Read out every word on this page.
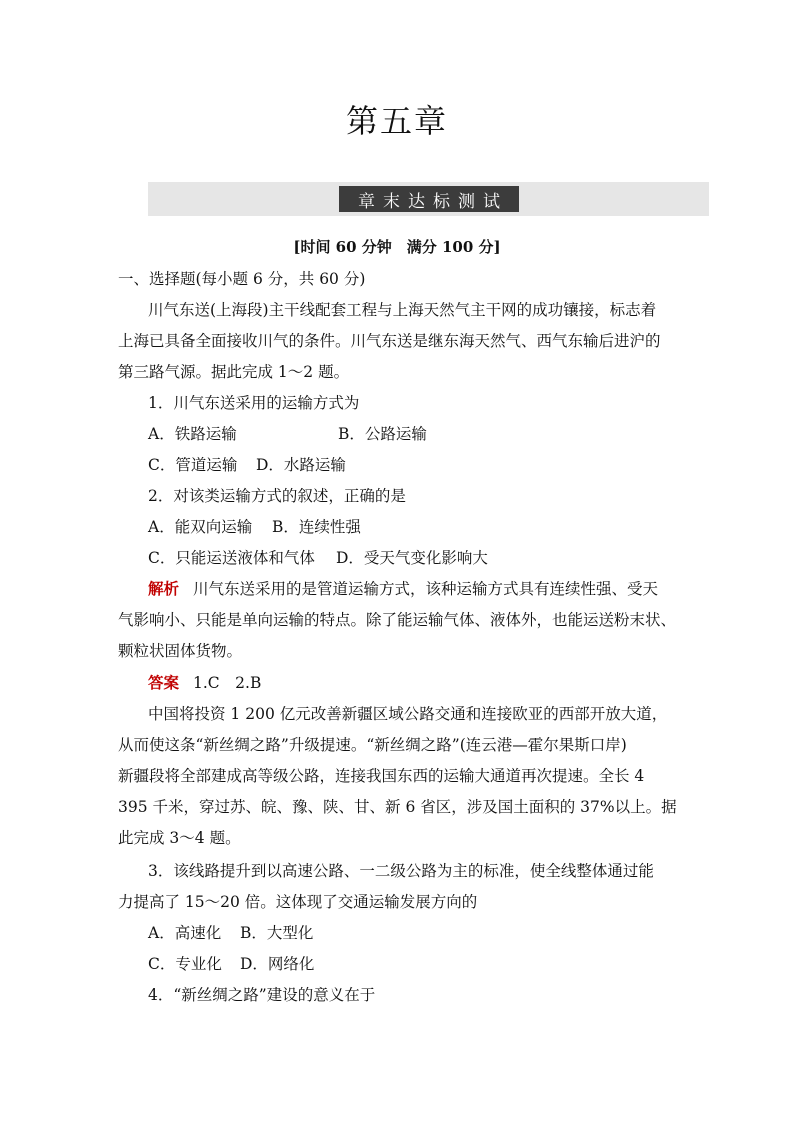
第五章
章末达标测试
[时间 60 分钟　满分 100 分]
一、选择题(每小题 6 分，共 60 分)
川气东送(上海段)主干线配套工程与上海天然气主干网的成功镶接，标志着
上海已具备全面接收川气的条件。川气东送是继东海天然气、西气东输后进沪的
第三路气源。据此完成 1～2 题。
1．川气东送采用的运输方式为
A．铁路运输	B．公路运输
C．管道运输 D．水路运输
2．对该类运输方式的叙述，正确的是
A．能双向运输 B．连续性强
C．只能运送液体和气体 D．受天气变化影响大
解析 川气东送采用的是管道运输方式，该种运输方式具有连续性强、受天
气影响小、只能是单向运输的特点。除了能运输气体、液体外，也能运送粉末状、
颗粒状固体货物。
答案 1.C　2.B
中国将投资 1 200 亿元改善新疆区域公路交通和连接欧亚的西部开放大道，
从而使这条“新丝绸之路”升级提速。“新丝绸之路”(连云港—霍尔果斯口岸)
新疆段将全部建成高等级公路，连接我国东西的运输大通道再次提速。全长 4
395 千米，穿过苏、皖、豫、陕、甘、新 6 省区，涉及国土面积的 37%以上。据
此完成 3～4 题。
3．该线路提升到以高速公路、一二级公路为主的标准，使全线整体通过能
力提高了 15～20 倍。这体现了交通运输发展方向的
A．高速化 B．大型化
C．专业化 D．网络化
4．“新丝绸之路”建设的意义在于
